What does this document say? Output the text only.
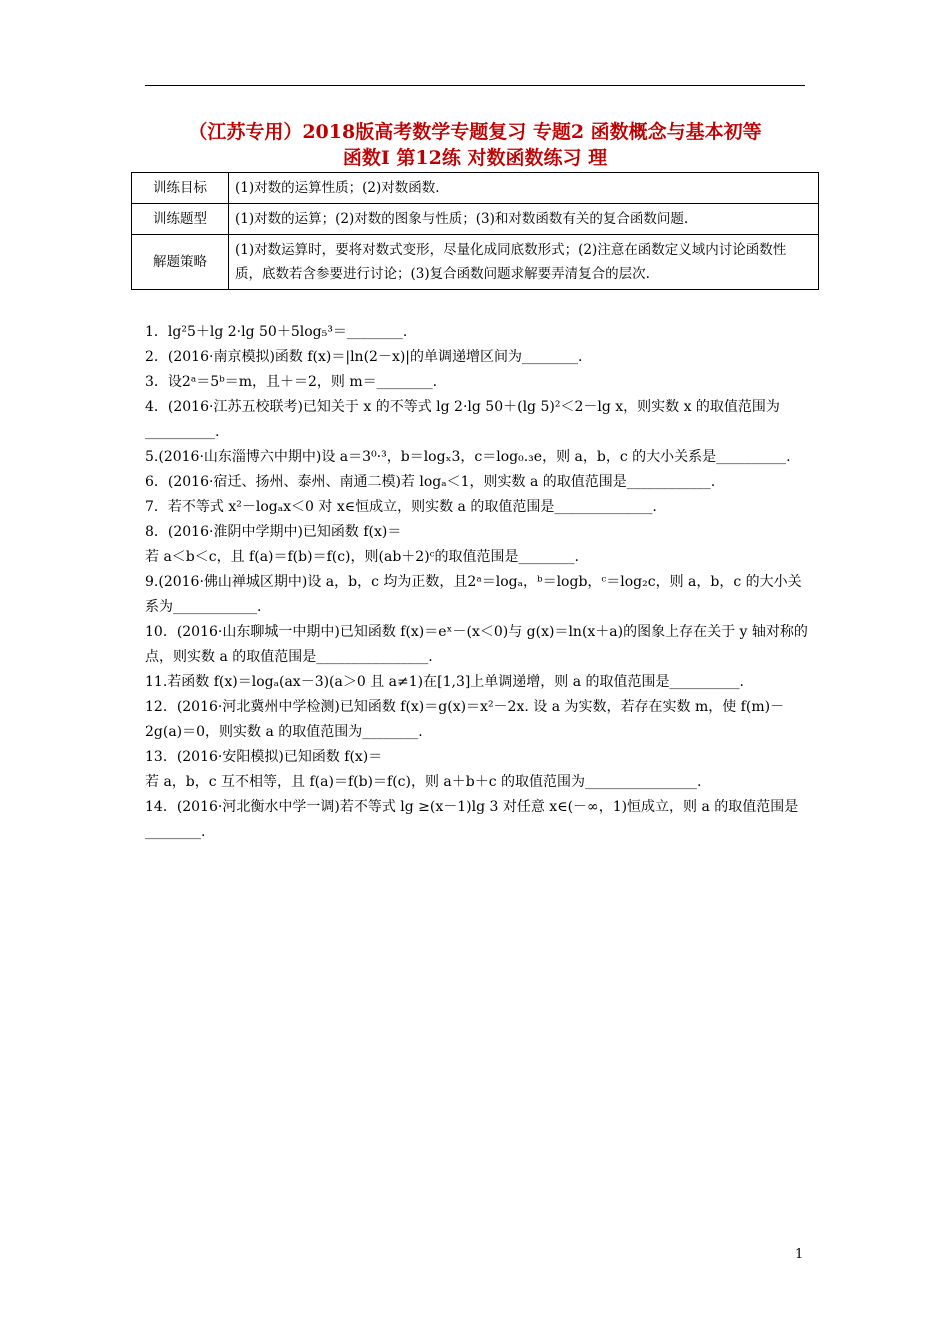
（江苏专用）2018版高考数学专题复习 专题2 函数概念与基本初等
函数Ⅰ 第12练 对数函数练习 理
训练目标	(1)对数的运算性质；(2)对数函数.
训练题型	(1)对数的运算；(2)对数的图象与性质；(3)和对数函数有关的复合函数问题.
解题策略	(1)对数运算时，要将对数式变形，尽量化成同底数形式；(2)注意在函数定义域内讨论函数性质，底数若含参要进行讨论；(3)复合函数问题求解要弄清复合的层次.

1．lg²5＋lg 2·lg 50＋5log₅³＝________.

2．(2016·南京模拟)函数 f(x)＝|ln(2－x)|的单调递增区间为________.

3．设2ᵃ＝5ᵇ＝m，且＋＝2，则 m＝________.

4．(2016·江苏五校联考)已知关于 x 的不等式 lg 2·lg 50＋(lg 5)²＜2－lg x，则实数 x 的取值范围为__________.

5.(2016·山东淄博六中期中)设 a＝3⁰·³，b＝logₓ3，c＝log₀.₃e，则 a，b，c 的大小关系是__________.

6．(2016·宿迁、扬州、泰州、南通二模)若 logₐ＜1，则实数 a 的取值范围是____________.

7．若不等式 x²－logₐx＜0 对 x∈恒成立，则实数 a 的取值范围是______________.

8．(2016·淮阴中学期中)已知函数 f(x)＝

若 a＜b＜c，且 f(a)＝f(b)＝f(c)，则(ab＋2)ᶜ的取值范围是________.

9.(2016·佛山禅城区期中)设 a，b，c 均为正数，且2ᵃ＝logₐ，ᵇ＝logb，ᶜ＝log₂c，则 a，b，c 的大小关系为____________.

10．(2016·山东聊城一中期中)已知函数 f(x)＝eˣ－(x＜0)与 g(x)＝ln(x＋a)的图象上存在关于 y 轴对称的点，则实数 a 的取值范围是________________.

11.若函数 f(x)＝logₐ(ax－3)(a＞0 且 a≠1)在[1,3]上单调递增，则 a 的取值范围是__________.

12．(2016·河北冀州中学检测)已知函数 f(x)＝g(x)＝x²－2x. 设 a 为实数，若存在实数 m，使 f(m)－2g(a)＝0，则实数 a 的取值范围为________.

13．(2016·安阳模拟)已知函数 f(x)＝

若 a，b，c 互不相等，且 f(a)＝f(b)＝f(c)，则 a＋b＋c 的取值范围为________________.

14．(2016·河北衡水中学一调)若不等式 lg ≥(x－1)lg 3 对任意 x∈(－∞，1)恒成立，则 a 的取值范围是________.

1
